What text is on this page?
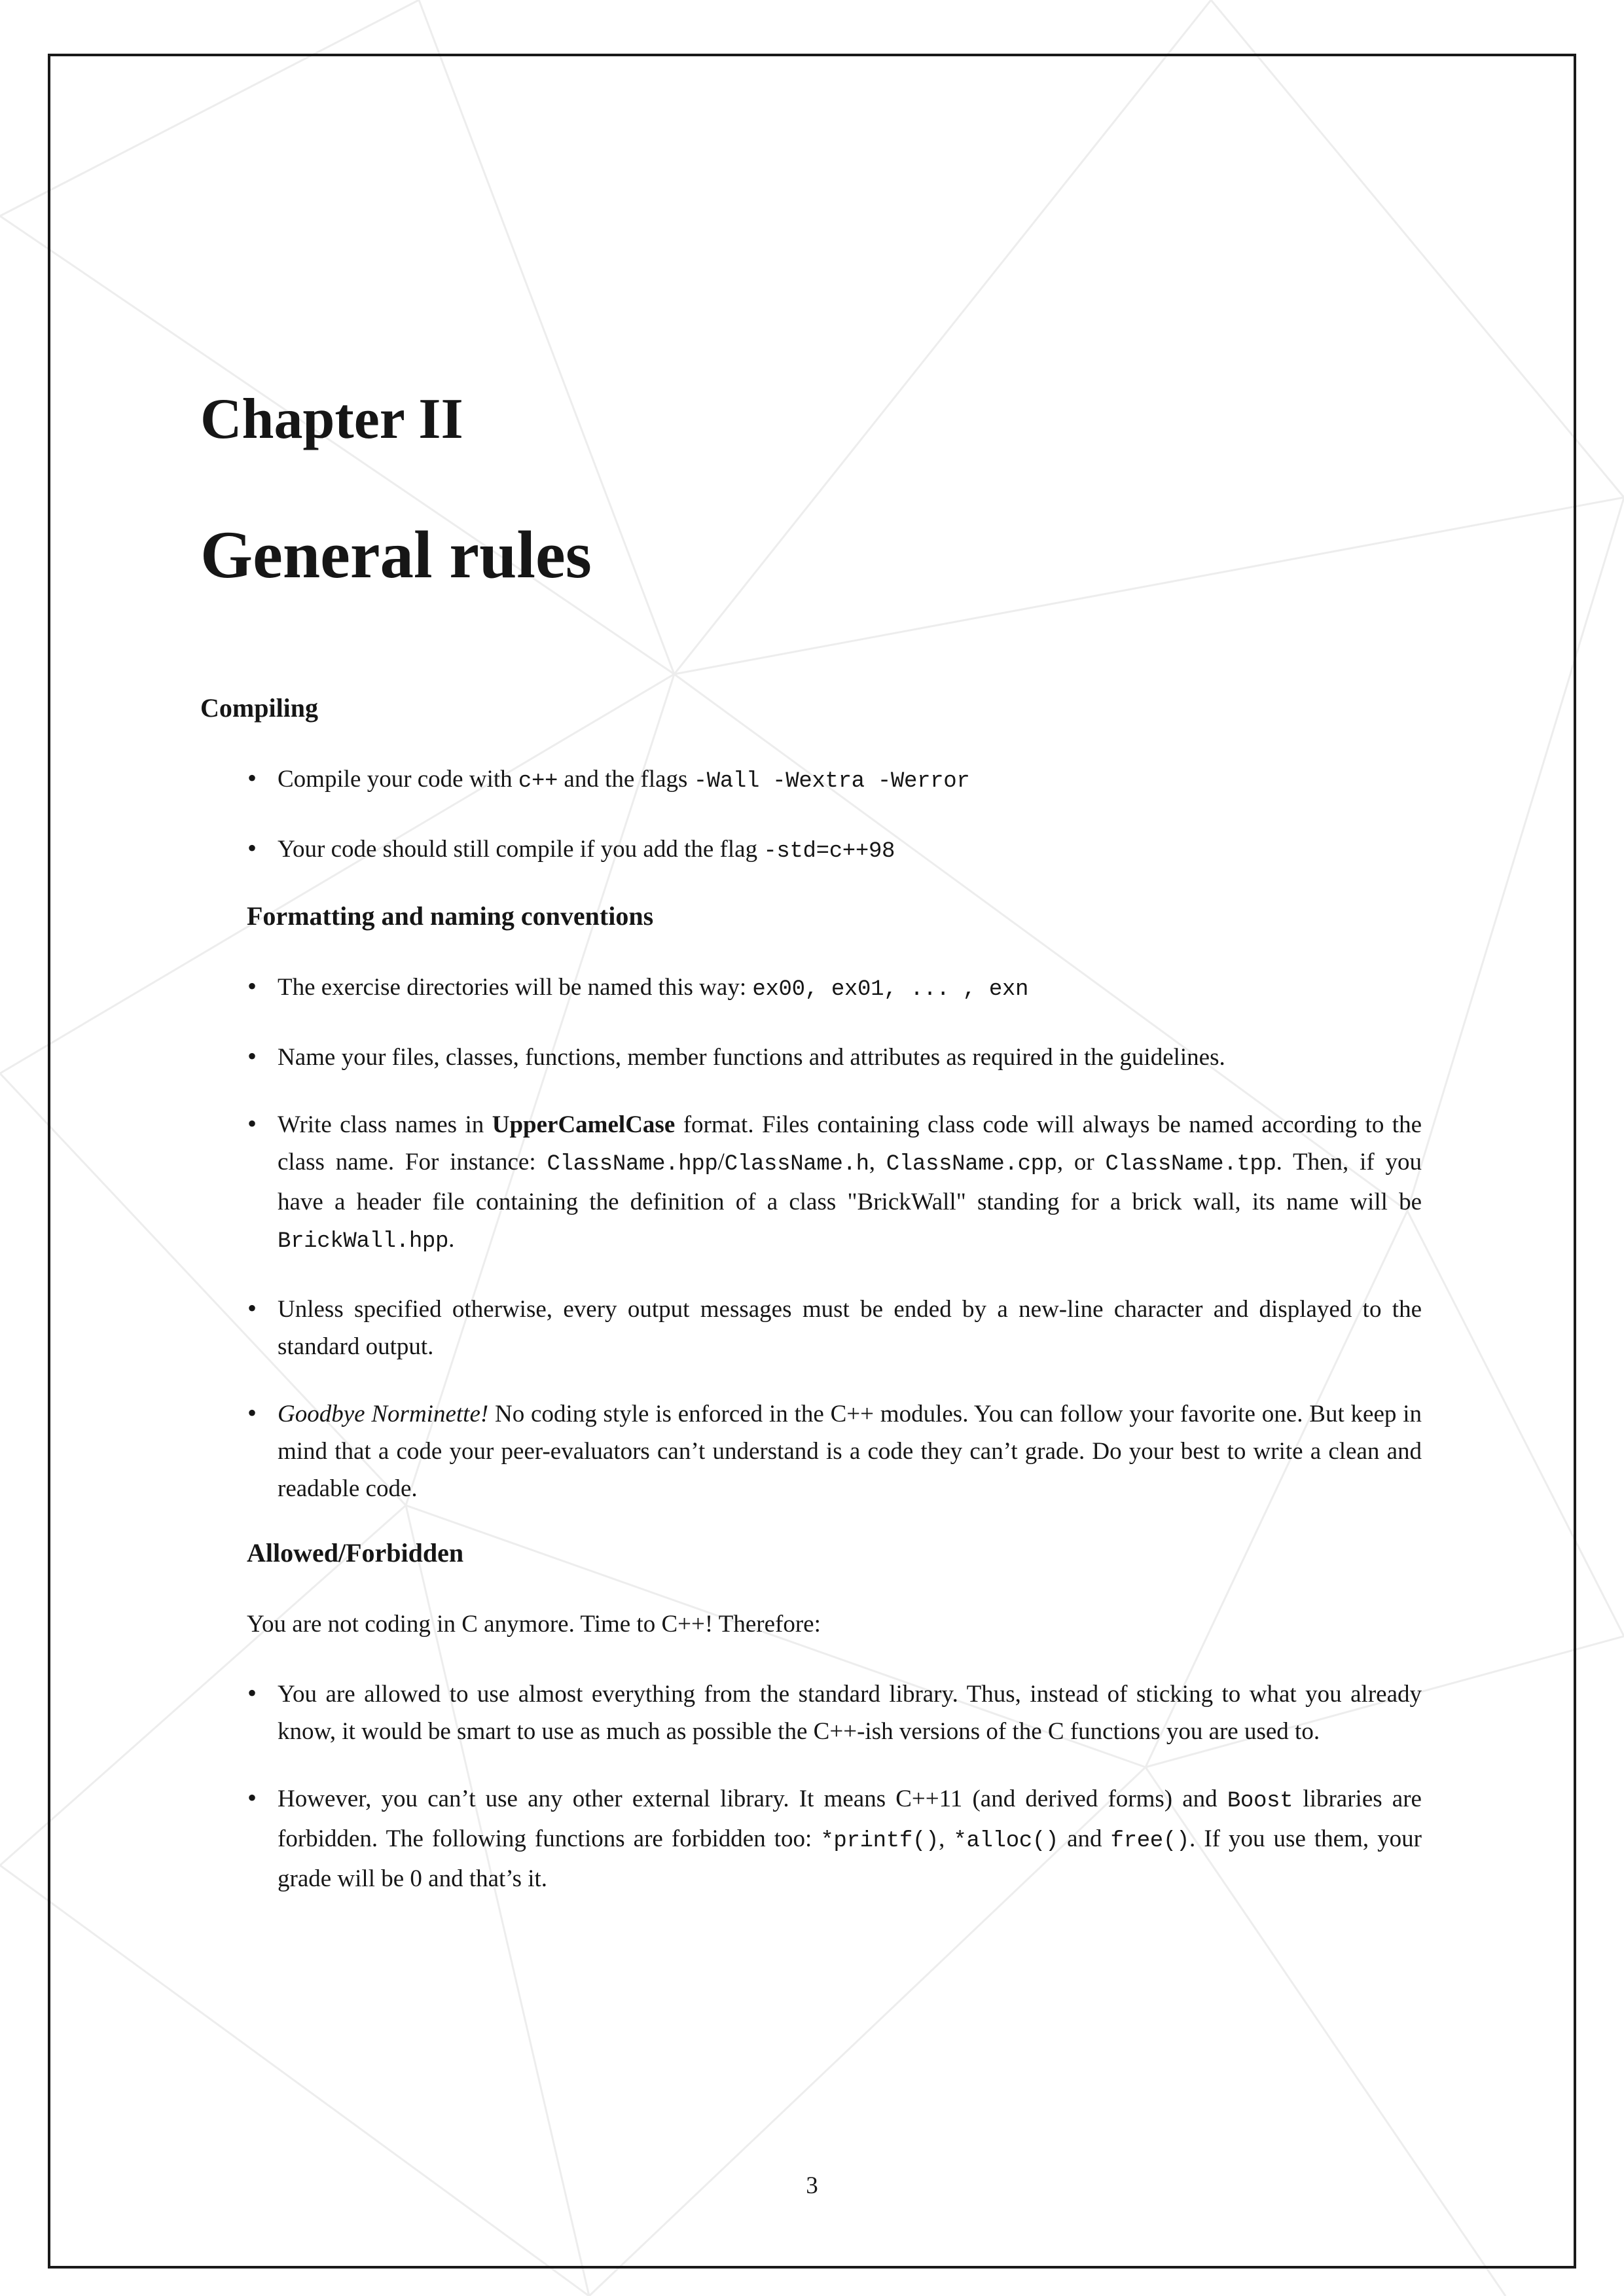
Chapter II
General rules
Compiling
• Compile your code with c++ and the flags -Wall -Wextra -Werror
• Your code should still compile if you add the flag -std=c++98
Formatting and naming conventions
• The exercise directories will be named this way: ex00, ex01, ... , exn
• Name your files, classes, functions, member functions and attributes as required in the guidelines.
• Write class names in UpperCamelCase format. Files containing class code will always be named according to the class name. For instance: ClassName.hpp/ClassName.h, ClassName.cpp, or ClassName.tpp. Then, if you have a header file containing the definition of a class "BrickWall" standing for a brick wall, its name will be BrickWall.hpp.
• Unless specified otherwise, every output messages must be ended by a new-line character and displayed to the standard output.
• Goodbye Norminette! No coding style is enforced in the C++ modules. You can follow your favorite one. But keep in mind that a code your peer-evaluators can’t understand is a code they can’t grade. Do your best to write a clean and readable code.
Allowed/Forbidden
You are not coding in C anymore. Time to C++! Therefore:
• You are allowed to use almost everything from the standard library. Thus, instead of sticking to what you already know, it would be smart to use as much as possible the C++-ish versions of the C functions you are used to.
• However, you can’t use any other external library. It means C++11 (and derived forms) and Boost libraries are forbidden. The following functions are forbidden too: *printf(), *alloc() and free(). If you use them, your grade will be 0 and that’s it.
3
